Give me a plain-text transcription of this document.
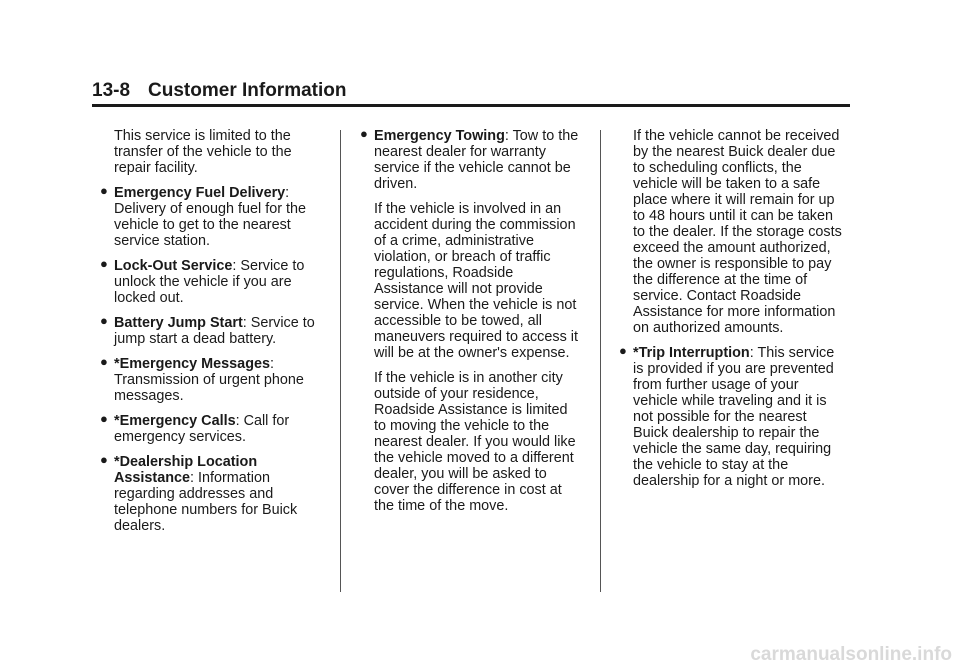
13-8 Customer Information
This service is limited to the
transfer of the vehicle to the
repair facility.
● Emergency Fuel Delivery:
Delivery of enough fuel for the
vehicle to get to the nearest
service station.
● Lock-Out Service: Service to
unlock the vehicle if you are
locked out.
● Battery Jump Start: Service to
jump start a dead battery.
● *Emergency Messages:
Transmission of urgent phone
messages.
● *Emergency Calls: Call for
emergency services.
● *Dealership Location
Assistance: Information
regarding addresses and
telephone numbers for Buick
dealers.
● Emergency Towing: Tow to the
nearest dealer for warranty
service if the vehicle cannot be
driven.
If the vehicle is involved in an
accident during the commission
of a crime, administrative
violation, or breach of traffic
regulations, Roadside
Assistance will not provide
service. When the vehicle is not
accessible to be towed, all
maneuvers required to access it
will be at the owner's expense.
If the vehicle is in another city
outside of your residence,
Roadside Assistance is limited
to moving the vehicle to the
nearest dealer. If you would like
the vehicle moved to a different
dealer, you will be asked to
cover the difference in cost at
the time of the move.
If the vehicle cannot be received
by the nearest Buick dealer due
to scheduling conflicts, the
vehicle will be taken to a safe
place where it will remain for up
to 48 hours until it can be taken
to the dealer. If the storage costs
exceed the amount authorized,
the owner is responsible to pay
the difference at the time of
service. Contact Roadside
Assistance for more information
on authorized amounts.
● *Trip Interruption: This service
is provided if you are prevented
from further usage of your
vehicle while traveling and it is
not possible for the nearest
Buick dealership to repair the
vehicle the same day, requiring
the vehicle to stay at the
dealership for a night or more.
carmanualsonline.info
